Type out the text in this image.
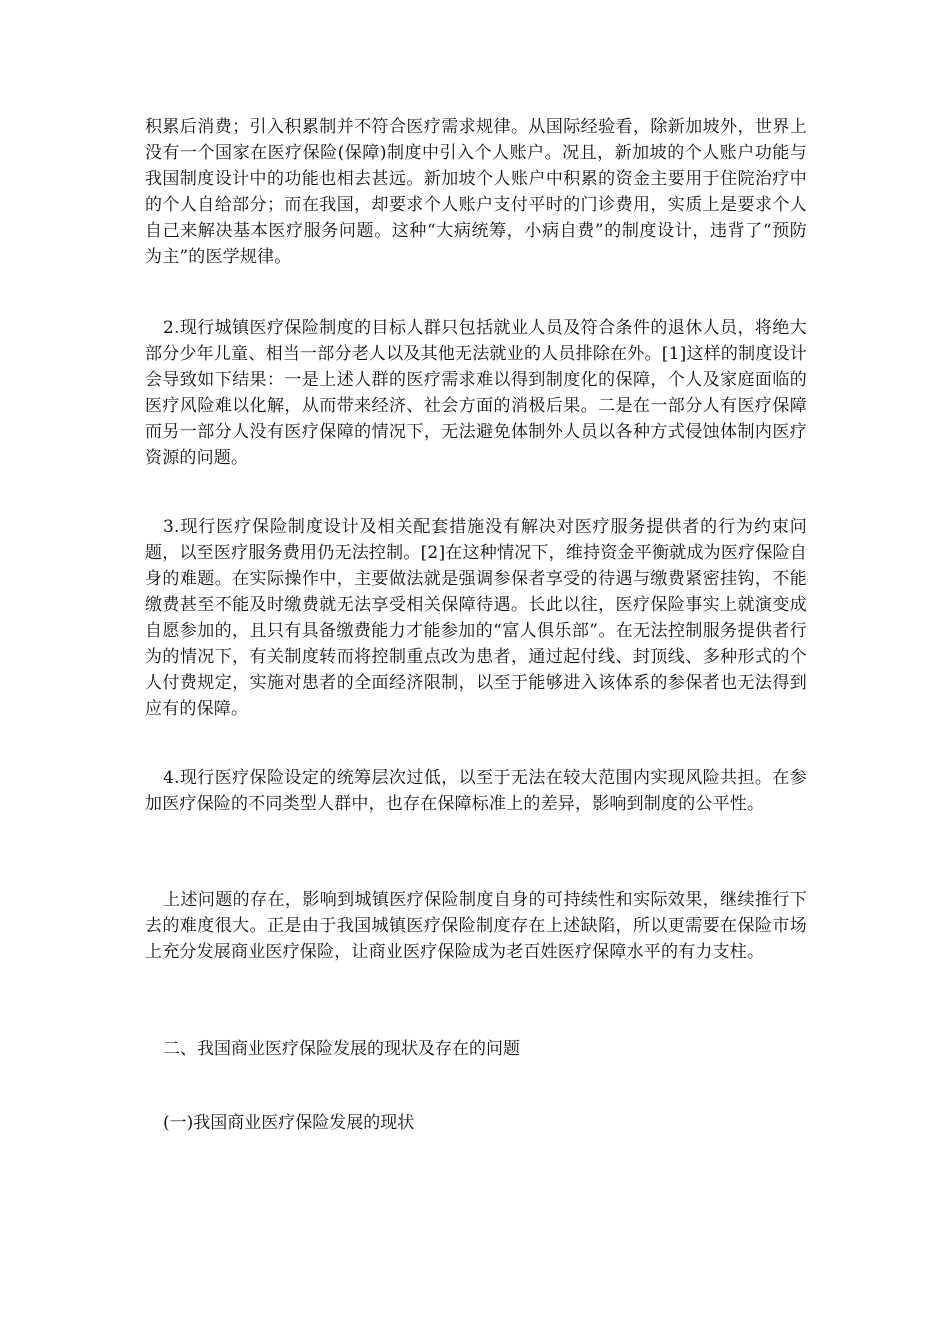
积累后消费；引入积累制并不符合医疗需求规律。从国际经验看，除新加坡外，世界上没有一个国家在医疗保险(保障)制度中引入个人账户。况且，新加坡的个人账户功能与我国制度设计中的功能也相去甚远。新加坡个人账户中积累的资金主要用于住院治疗中的个人自给部分；而在我国，却要求个人账户支付平时的门诊费用，实质上是要求个人自己来解决基本医疗服务问题。这种“大病统筹，小病自费”的制度设计，违背了“预防为主”的医学规律。

2.现行城镇医疗保险制度的目标人群只包括就业人员及符合条件的退休人员，将绝大部分少年儿童、相当一部分老人以及其他无法就业的人员排除在外。[1]这样的制度设计会导致如下结果：一是上述人群的医疗需求难以得到制度化的保障，个人及家庭面临的医疗风险难以化解，从而带来经济、社会方面的消极后果。二是在一部分人有医疗保障而另一部分人没有医疗保障的情况下，无法避免体制外人员以各种方式侵蚀体制内医疗资源的问题。

3.现行医疗保险制度设计及相关配套措施没有解决对医疗服务提供者的行为约束问题，以至医疗服务费用仍无法控制。[2]在这种情况下，维持资金平衡就成为医疗保险自身的难题。在实际操作中，主要做法就是强调参保者享受的待遇与缴费紧密挂钩，不能缴费甚至不能及时缴费就无法享受相关保障待遇。长此以往，医疗保险事实上就演变成自愿参加的，且只有具备缴费能力才能参加的“富人俱乐部”。在无法控制服务提供者行为的情况下，有关制度转而将控制重点改为患者，通过起付线、封顶线、多种形式的个人付费规定，实施对患者的全面经济限制，以至于能够进入该体系的参保者也无法得到应有的保障。

4.现行医疗保险设定的统筹层次过低，以至于无法在较大范围内实现风险共担。在参加医疗保险的不同类型人群中，也存在保障标准上的差异，影响到制度的公平性。

上述问题的存在，影响到城镇医疗保险制度自身的可持续性和实际效果，继续推行下去的难度很大。正是由于我国城镇医疗保险制度存在上述缺陷，所以更需要在保险市场上充分发展商业医疗保险，让商业医疗保险成为老百姓医疗保障水平的有力支柱。

二、我国商业医疗保险发展的现状及存在的问题
(一)我国商业医疗保险发展的现状
